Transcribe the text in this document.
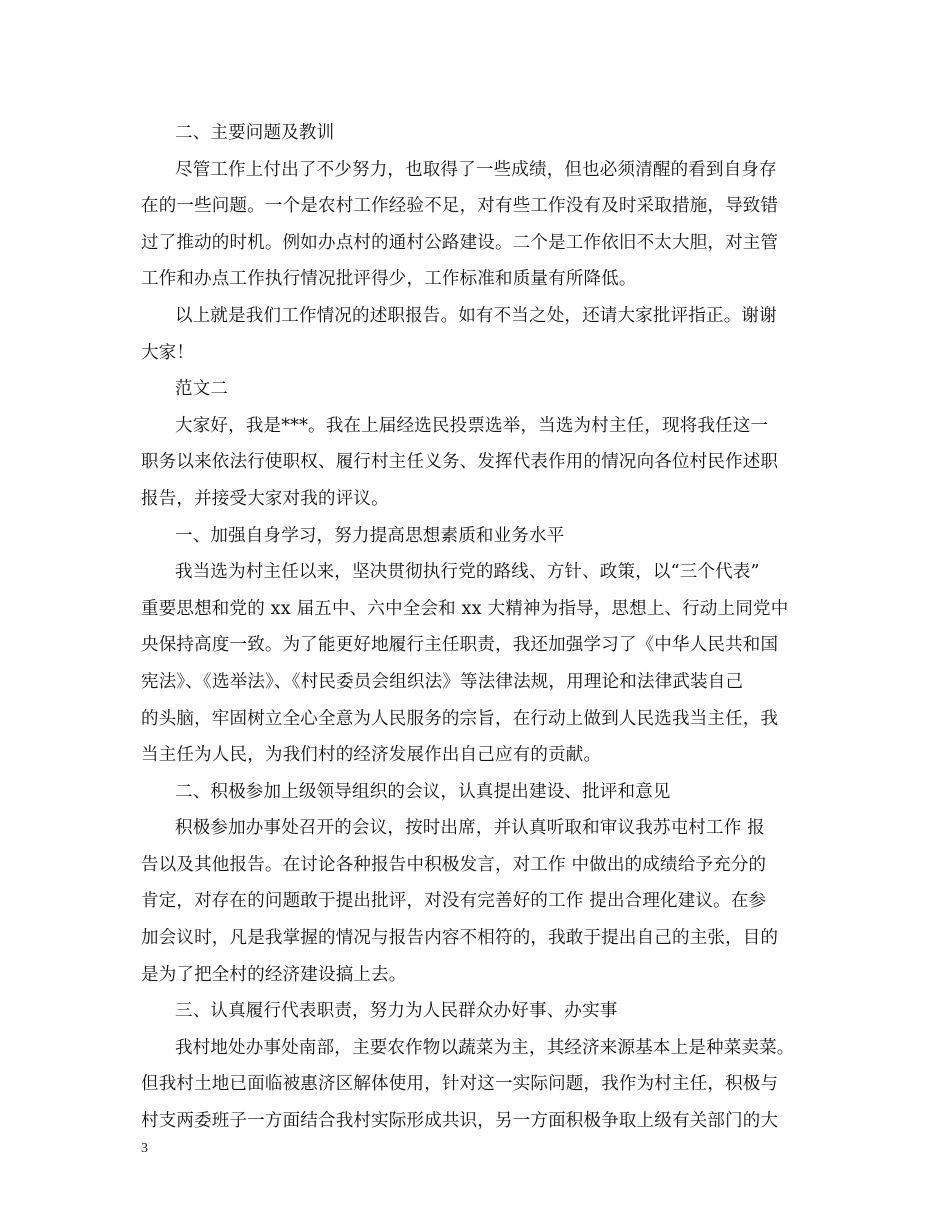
二、主要问题及教训
尽管工作上付出了不少努力，也取得了一些成绩，但也必须清醒的看到自身存
在的一些问题。一个是农村工作经验不足，对有些工作没有及时采取措施，导致错
过了推动的时机。例如办点村的通村公路建设。二个是工作依旧不太大胆，对主管
工作和办点工作执行情况批评得少，工作标准和质量有所降低。
以上就是我们工作情况的述职报告。如有不当之处，还请大家批评指正。谢谢
大家！
范文二
大家好，我是***。我在上届经选民投票选举，当选为村主任，现将我任这一
职务以来依法行使职权、履行村主任义务、发挥代表作用的情况向各位村民作述职
报告，并接受大家对我的评议。
一、加强自身学习，努力提高思想素质和业务水平
我当选为村主任以来，坚决贯彻执行党的路线、方针、政策，以“三个代表”
重要思想和党的 xx 届五中、六中全会和 xx 大精神为指导，思想上、行动上同党中
央保持高度一致。为了能更好地履行主任职责，我还加强学习了《中华人民共和国
宪法》、《选举法》、《村民委员会组织法》等法律法规，用理论和法律武装自己
的头脑，牢固树立全心全意为人民服务的宗旨，在行动上做到人民选我当主任，我
当主任为人民，为我们村的经济发展作出自己应有的贡献。
二、积极参加上级领导组织的会议，认真提出建设、批评和意见
积极参加办事处召开的会议，按时出席，并认真听取和审议我苏屯村工作 报
告以及其他报告。在讨论各种报告中积极发言，对工作 中做出的成绩给予充分的
肯定，对存在的问题敢于提出批评，对没有完善好的工作 提出合理化建议。在参
加会议时，凡是我掌握的情况与报告内容不相符的，我敢于提出自己的主张，目的
是为了把全村的经济建设搞上去。
三、认真履行代表职责，努力为人民群众办好事、办实事
我村地处办事处南部，主要农作物以蔬菜为主，其经济来源基本上是种菜卖菜。
但我村土地已面临被惠济区解体使用，针对这一实际问题，我作为村主任，积极与
村支两委班子一方面结合我村实际形成共识，另一方面积极争取上级有关部门的大
3
